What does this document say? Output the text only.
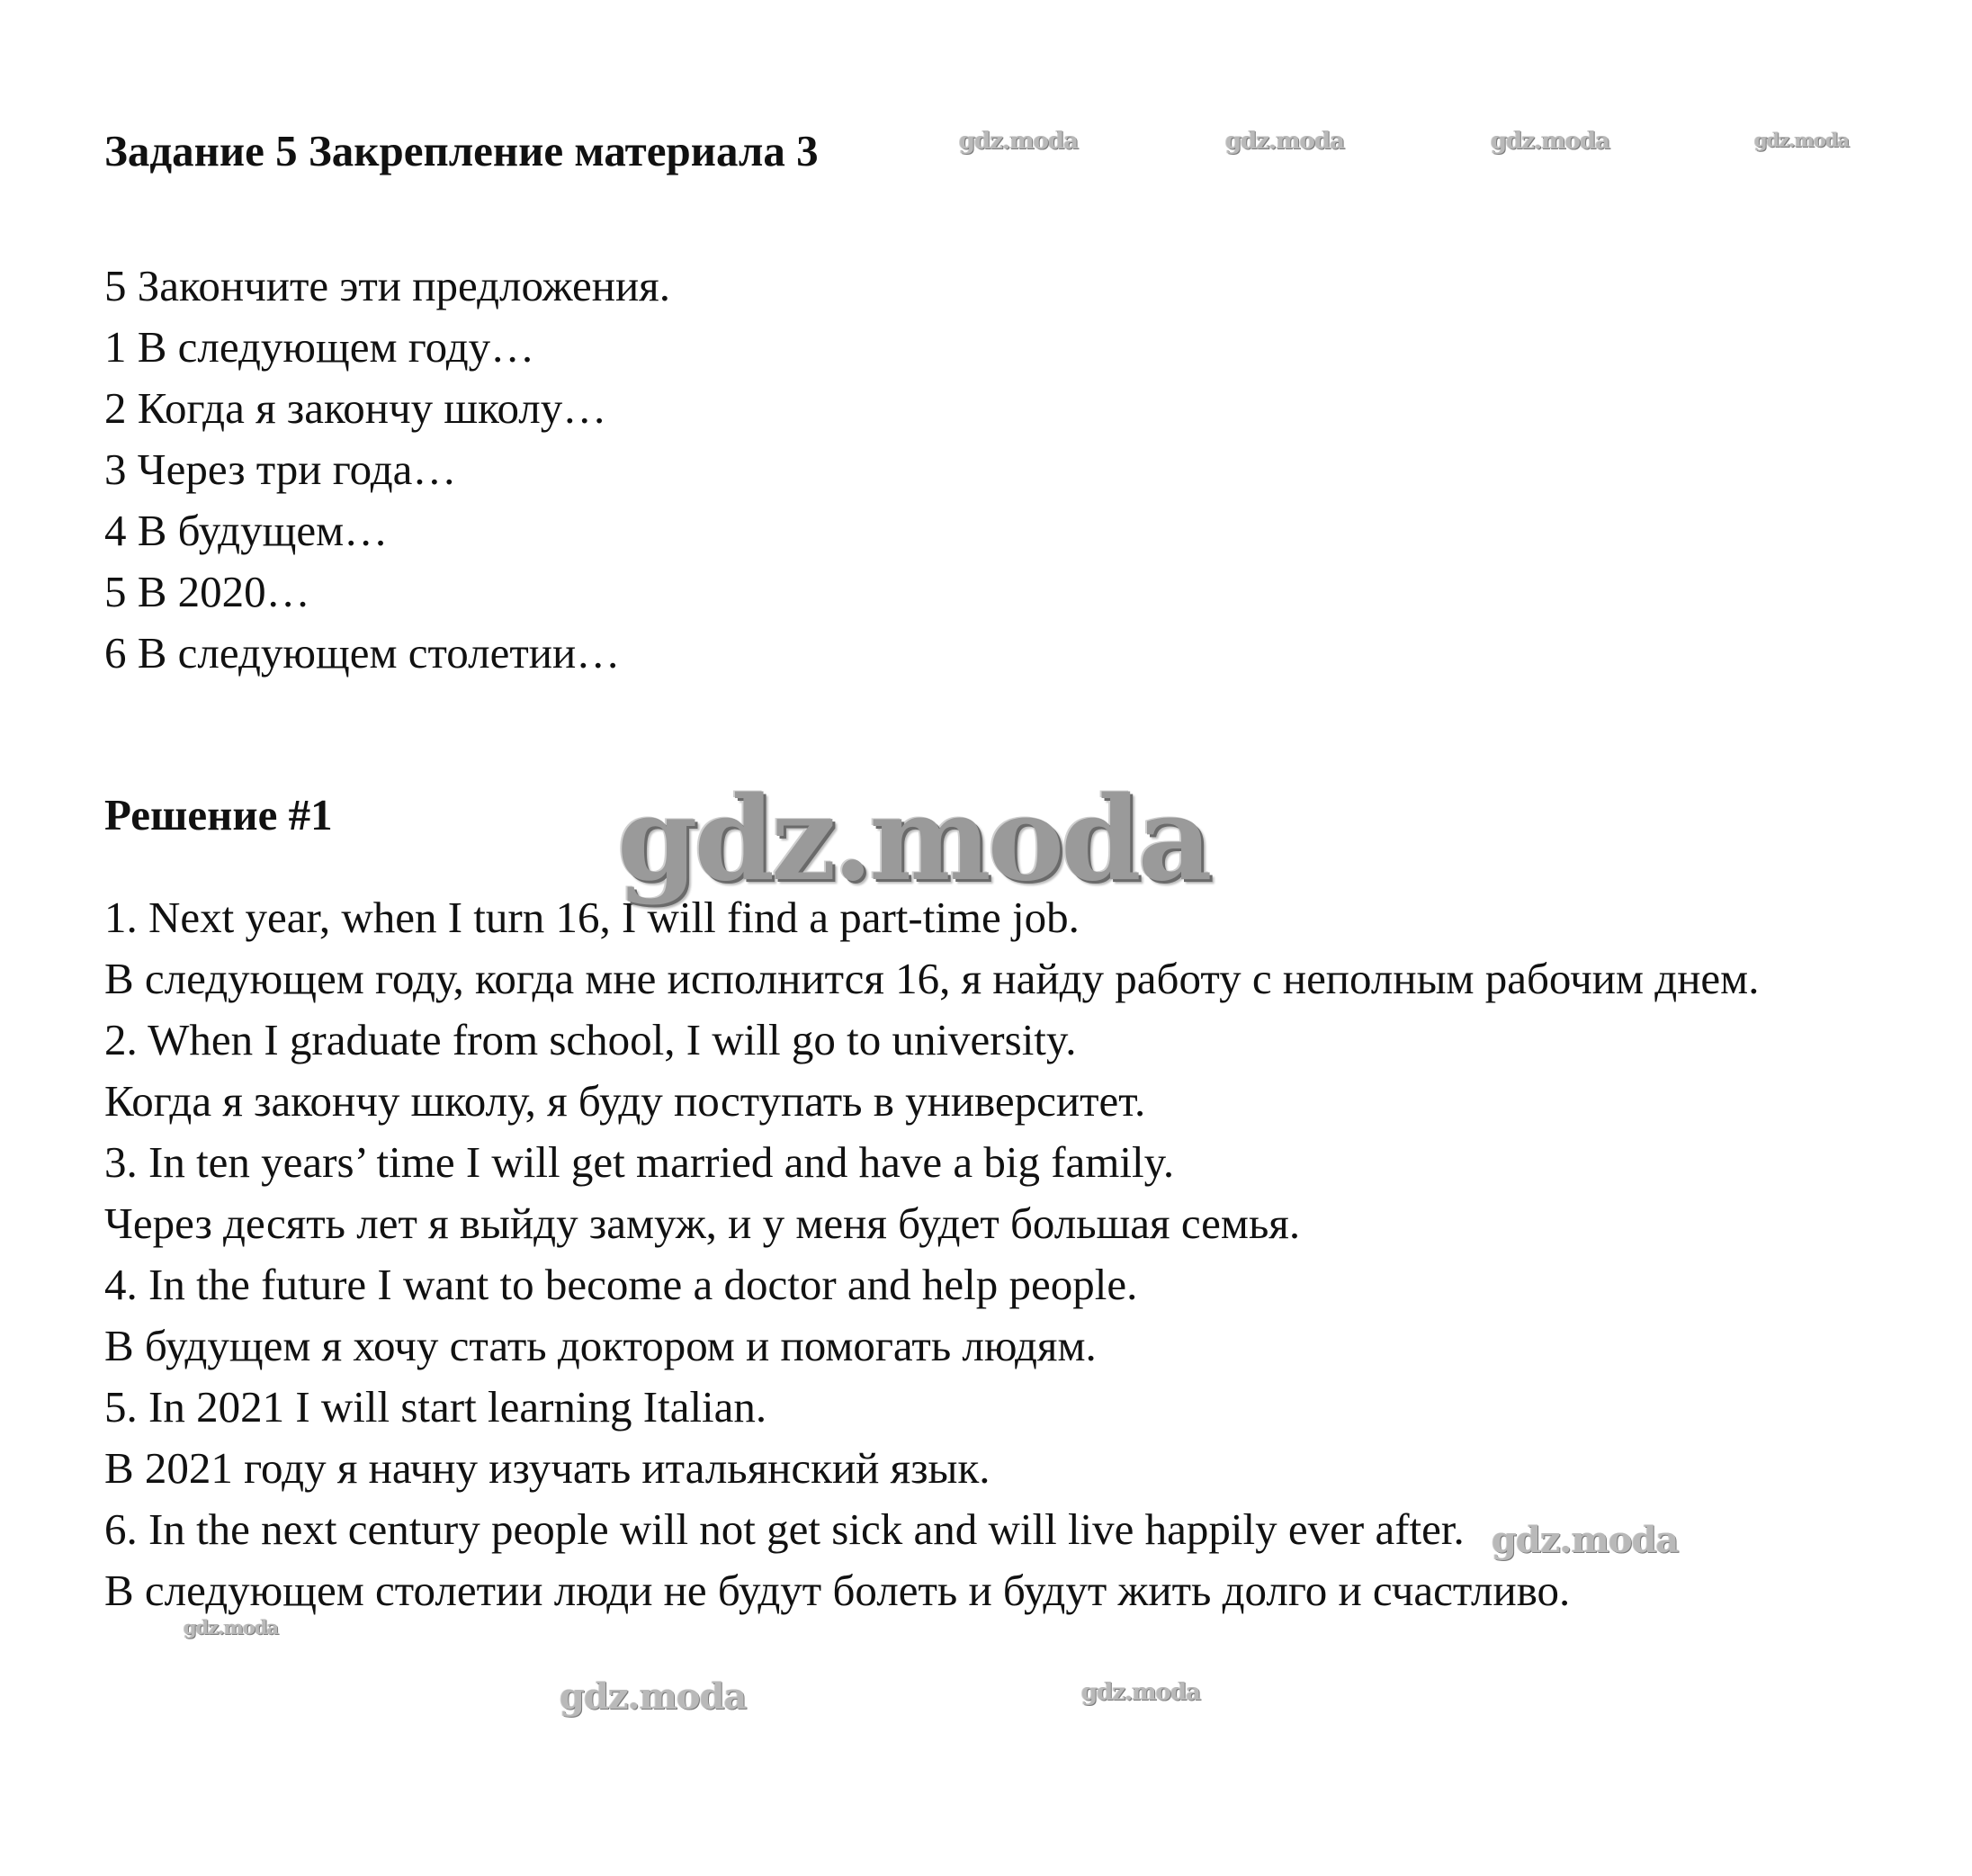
Задание 5 Закрепление материала 3
5 Закончите эти предложения.
1 В следующем году…
2 Когда я закончу школу…
3 Через три года…
4 В будущем…
5 В 2020…
6 В следующем столетии…
Решение #1
1. Next year, when I turn 16, I will find a part-time job.
В следующем году, когда мне исполнится 16, я найду работу с неполным рабочим днем.
2. When I graduate from school, I will go to university.
Когда я закончу школу, я буду поступать в университет.
3. In ten years’ time I will get married and have a big family.
Через десять лет я выйду замуж, и у меня будет большая семья.
4. In the future I want to become a doctor and help people.
В будущем я хочу стать доктором и помогать людям.
5. In 2021 I will start learning Italian.
В 2021 году я начну изучать итальянский язык.
6. In the next century people will not get sick and will live happily ever after.
В следующем столетии люди не будут болеть и будут жить долго и счастливо.
gdz.moda	gdz.moda	gdz.moda	gdz.moda
gdz.moda
gdz.moda
gdz.moda
gdz.moda	gdz.moda
